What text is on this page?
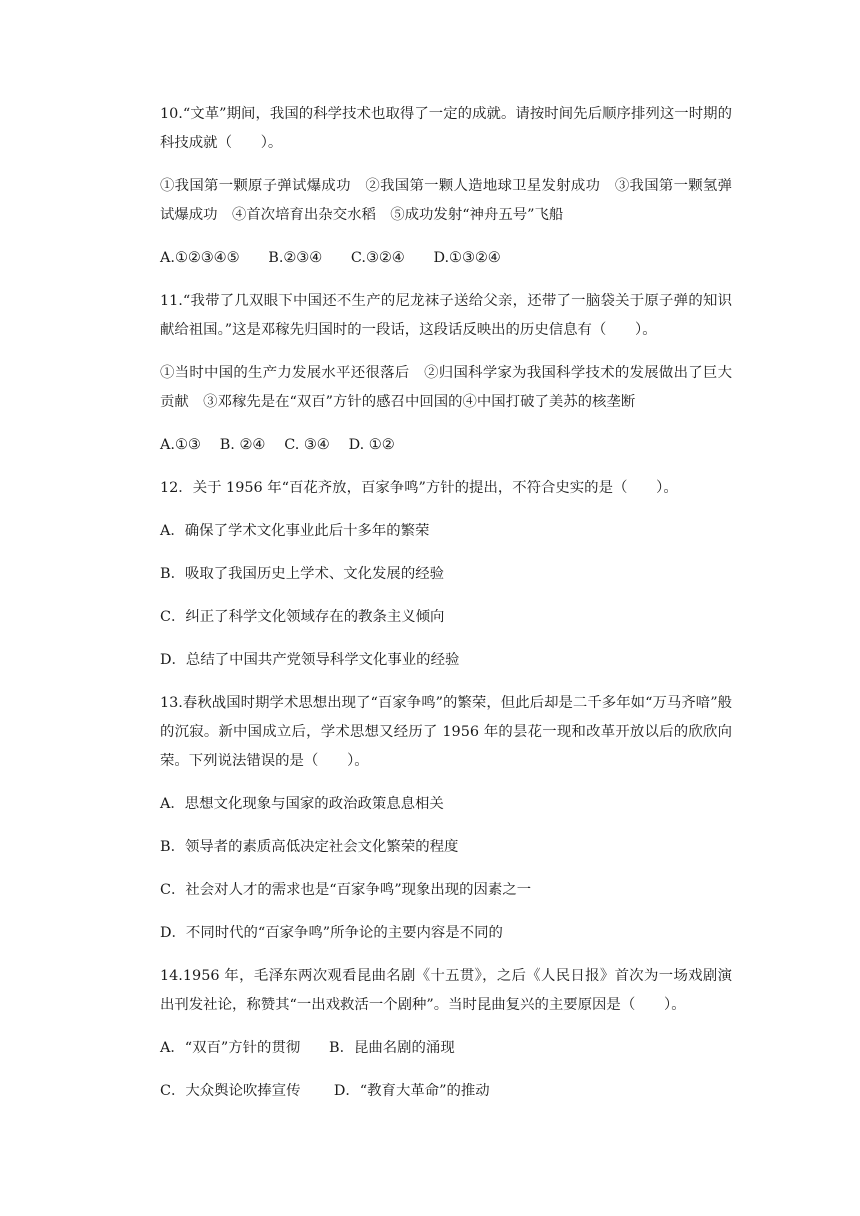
10.“文革”期间，我国的科学技术也取得了一定的成就。请按时间先后顺序排列这一时期的科技成就（　　）。

①我国第一颗原子弹试爆成功　②我国第一颗人造地球卫星发射成功　③我国第一颗氢弹试爆成功　④首次培育出杂交水稻　⑤成功发射“神舟五号”飞船

A.①②③④⑤　　B.②③④　　C.③②④　　D.①③②④

11.“我带了几双眼下中国还不生产的尼龙袜子送给父亲，还带了一脑袋关于原子弹的知识献给祖国。”这是邓稼先归国时的一段话，这段话反映出的历史信息有（　　）。

①当时中国的生产力发展水平还很落后　②归国科学家为我国科学技术的发展做出了巨大贡献　③邓稼先是在“双百”方针的感召中回国的④中国打破了美苏的核垄断

A.①③　 B. ②④　 C. ③④　 D. ①②

12．关于 1956 年“百花齐放，百家争鸣”方针的提出，不符合史实的是（　　）。

A．确保了学术文化事业此后十多年的繁荣

B．吸取了我国历史上学术、文化发展的经验

C．纠正了科学文化领域存在的教条主义倾向

D．总结了中国共产党领导科学文化事业的经验

13.春秋战国时期学术思想出现了“百家争鸣”的繁荣，但此后却是二千多年如“万马齐喑”般的沉寂。新中国成立后，学术思想又经历了 1956 年的昙花一现和改革开放以后的欣欣向荣。下列说法错误的是（　　）。

A．思想文化现象与国家的政治政策息息相关

B．领导者的素质高低决定社会文化繁荣的程度

C．社会对人才的需求也是“百家争鸣”现象出现的因素之一

D．不同时代的“百家争鸣”所争论的主要内容是不同的

14.1956 年，毛泽东两次观看昆曲名剧《十五贯》，之后《人民日报》首次为一场戏剧演出刊发社论，称赞其“一出戏救活一个剧种”。当时昆曲复兴的主要原因是（　　）。

A．“双百”方针的贯彻　　B．昆曲名剧的涌现

C．大众舆论吹捧宣传　　 D．“教育大革命”的推动
